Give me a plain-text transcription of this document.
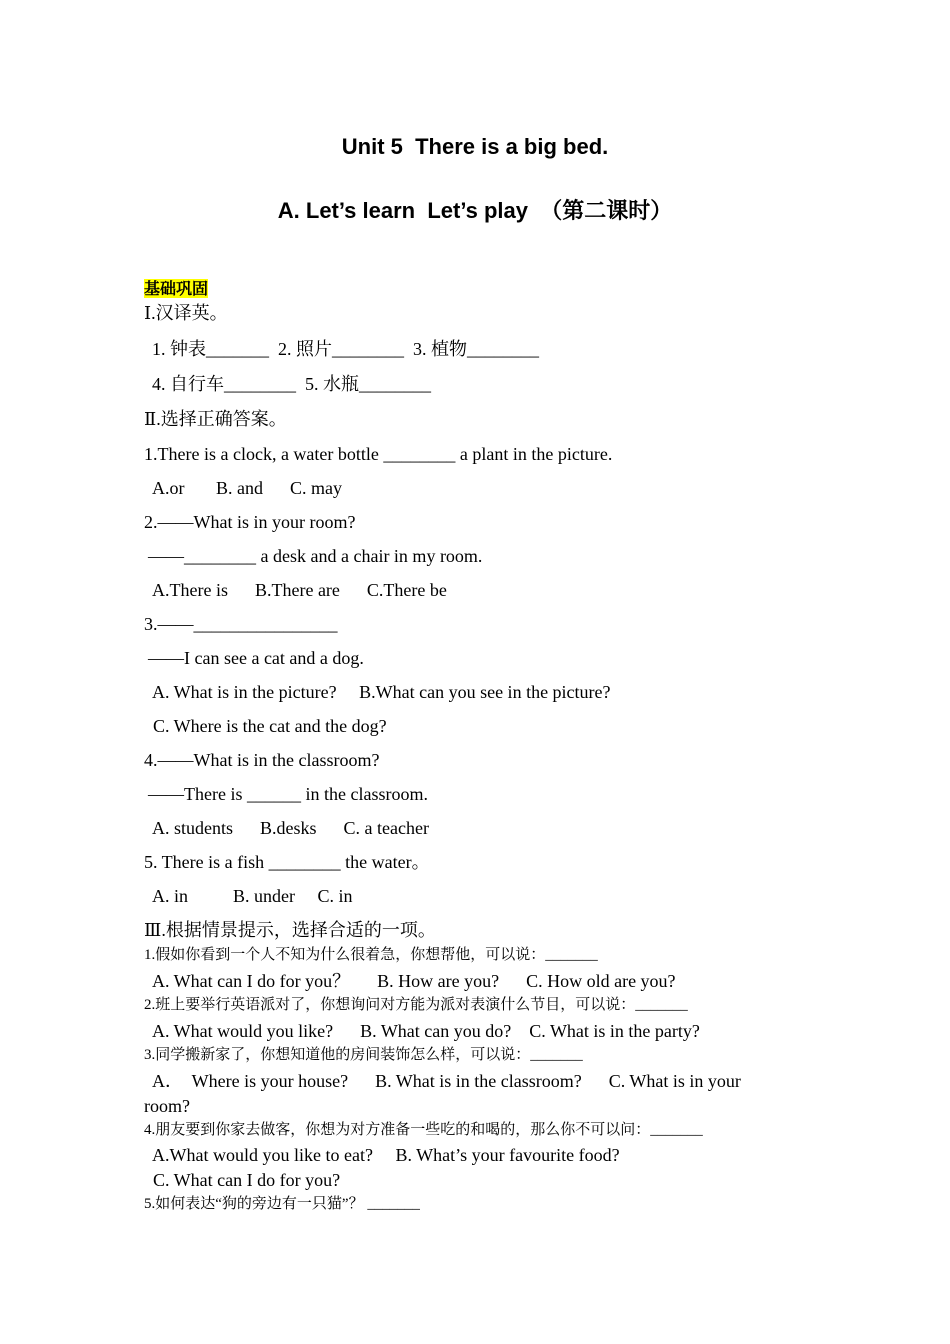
Unit 5  There is a big bed.
A. Let’s learn  Let’s play  （第二课时）
基础巩固
Ⅰ.汉译英。
1. 钟表_______  2. 照片________  3. 植物________
4. 自行车________  5. 水瓶________
Ⅱ.选择正确答案。
1.There is a clock, a water bottle ________ a plant in the picture.
A.or       B. and      C. may
2.——What is in your room?
——________ a desk and a chair in my room.
A.There is      B.There are      C.There be
3.——________________
——I can see a cat and a dog.
A. What is in the picture?     B.What can you see in the picture?
C. Where is the cat and the dog?
4.——What is in the classroom?
——There is ______ in the classroom.
A. students      B.desks      C. a teacher
5. There is a fish ________ the water。
A. in          B. under     C. in
Ⅲ.根据情景提示，选择合适的一项。
1.假如你看到一个人不知为什么很着急，你想帮他，可以说：_______
A. What can I do for you？      B. How are you?      C. How old are you?
2.班上要举行英语派对了，你想询问对方能为派对表演什么节目，可以说：_______
A. What would you like?      B. What can you do?    C. What is in the party?
3.同学搬新家了，你想知道他的房间装饰怎么样，可以说：_______
A．  Where is your house?      B. What is in the classroom?      C. What is in your
room?
4.朋友要到你家去做客，你想为对方准备一些吃的和喝的，那么你不可以问：_______
A.What would you like to eat?     B. What’s your favourite food?
C. What can I do for you?
5.如何表达“狗的旁边有一只猫”？ _______
